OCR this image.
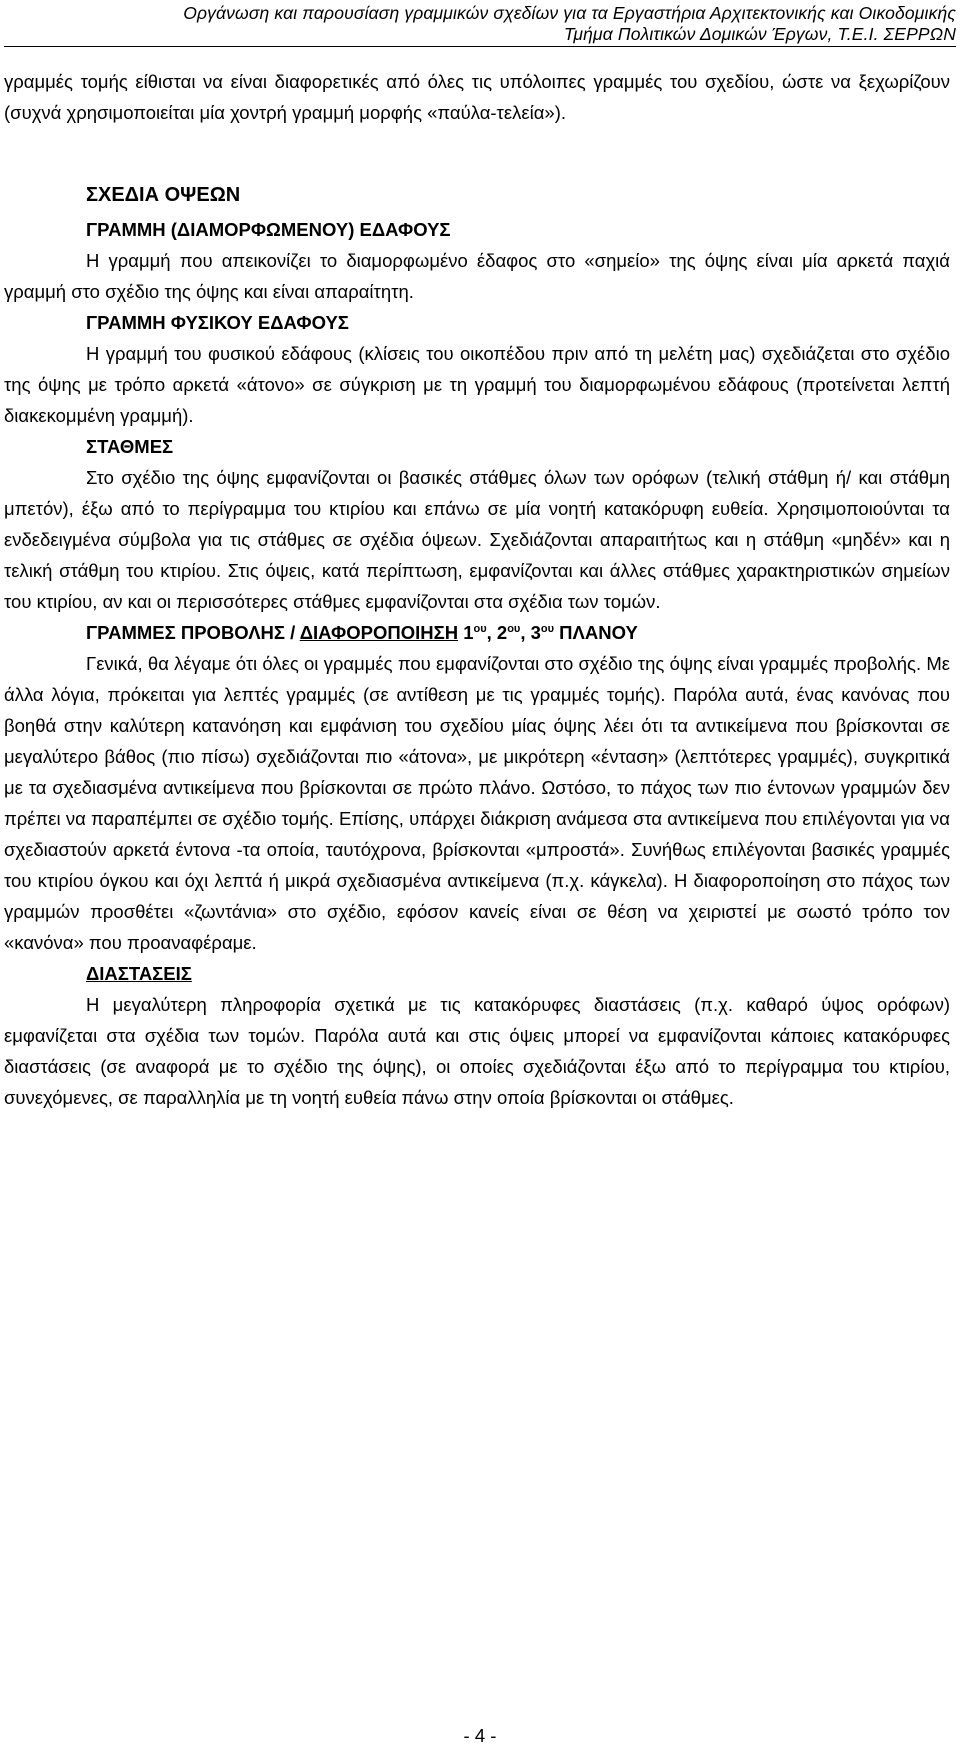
Οργάνωση και παρουσίαση γραμμικών σχεδίων για τα Εργαστήρια Αρχιτεκτονικής και Οικοδομικής
Τμήμα Πολιτικών Δομικών Έργων, Τ.Ε.Ι. ΣΕΡΡΩΝ

γραμμές τομής είθισται να είναι διαφορετικές από όλες τις υπόλοιπες γραμμές του σχεδίου, ώστε να ξεχωρίζουν (συχνά χρησιμοποιείται μία χοντρή γραμμή μορφής «παύλα-τελεία»).

ΣΧΕΔΙΑ ΟΨΕΩΝ

ΓΡΑΜΜΗ (ΔΙΑΜΟΡΦΩΜΕΝΟΥ) ΕΔΑΦΟΥΣ

Η γραμμή που απεικονίζει το διαμορφωμένο έδαφος στο «σημείο» της όψης είναι μία αρκετά παχιά γραμμή στο σχέδιο της όψης και είναι απαραίτητη.

ΓΡΑΜΜΗ ΦΥΣΙΚΟΥ ΕΔΑΦΟΥΣ

Η γραμμή του φυσικού εδάφους (κλίσεις του οικοπέδου πριν από τη μελέτη μας) σχεδιάζεται στο σχέδιο της όψης με τρόπο αρκετά «άτονο» σε σύγκριση με τη γραμμή του διαμορφωμένου εδάφους (προτείνεται λεπτή διακεκομμένη γραμμή).

ΣΤΑΘΜΕΣ

Στο σχέδιο της όψης εμφανίζονται οι βασικές στάθμες όλων των ορόφων (τελική στάθμη ή/ και στάθμη μπετόν), έξω από το περίγραμμα του κτιρίου και επάνω σε μία νοητή κατακόρυφη ευθεία. Χρησιμοποιούνται τα ενδεδειγμένα σύμβολα για τις στάθμες σε σχέδια όψεων. Σχεδιάζονται απαραιτήτως και η στάθμη «μηδέν» και η τελική στάθμη του κτιρίου. Στις όψεις, κατά περίπτωση, εμφανίζονται και άλλες στάθμες χαρακτηριστικών σημείων του κτιρίου, αν και οι περισσότερες στάθμες εμφανίζονται στα σχέδια των τομών.

ΓΡΑΜΜΕΣ ΠΡΟΒΟΛΗΣ / ΔΙΑΦΟΡΟΠΟΙΗΣΗ $1^{o\upsilon}$, $2^{o\upsilon}$, $3^{o\upsilon}$ ΠΛΑΝΟΥ

Γενικά, θα λέγαμε ότι όλες οι γραμμές που εμφανίζονται στο σχέδιο της όψης είναι γραμμές προβολής. Με άλλα λόγια, πρόκειται για λεπτές γραμμές (σε αντίθεση με τις γραμμές τομής). Παρόλα αυτά, ένας κανόνας που βοηθά στην καλύτερη κατανόηση και εμφάνιση του σχεδίου μίας όψης λέει ότι τα αντικείμενα που βρίσκονται σε μεγαλύτερο βάθος (πιο πίσω) σχεδιάζονται πιο «άτονα», με μικρότερη «ένταση» (λεπτότερες γραμμές), συγκριτικά με τα σχεδιασμένα αντικείμενα που βρίσκονται σε πρώτο πλάνο. Ωστόσο, το πάχος των πιο έντονων γραμμών δεν πρέπει να παραπέμπει σε σχέδιο τομής. Επίσης, υπάρχει διάκριση ανάμεσα στα αντικείμενα που επιλέγονται για να σχεδιαστούν αρκετά έντονα -τα οποία, ταυτόχρονα, βρίσκονται «μπροστά». Συνήθως επιλέγονται βασικές γραμμές του κτιρίου όγκου και όχι λεπτά ή μικρά σχεδιασμένα αντικείμενα (π.χ. κάγκελα). Η διαφοροποίηση στο πάχος των γραμμών προσθέτει «ζωντάνια» στο σχέδιο, εφόσον κανείς είναι σε θέση να χειριστεί με σωστό τρόπο τον «κανόνα» που προαναφέραμε.

ΔΙΑΣΤΑΣΕΙΣ

Η μεγαλύτερη πληροφορία σχετικά με τις κατακόρυφες διαστάσεις (π.χ. καθαρό ύψος ορόφων) εμφανίζεται στα σχέδια των τομών. Παρόλα αυτά και στις όψεις μπορεί να εμφανίζονται κάποιες κατακόρυφες διαστάσεις (σε αναφορά με το σχέδιο της όψης), οι οποίες σχεδιάζονται έξω από το περίγραμμα του κτιρίου, συνεχόμενες, σε παραλληλία με τη νοητή ευθεία πάνω στην οποία βρίσκονται οι στάθμες.

- 4 -
